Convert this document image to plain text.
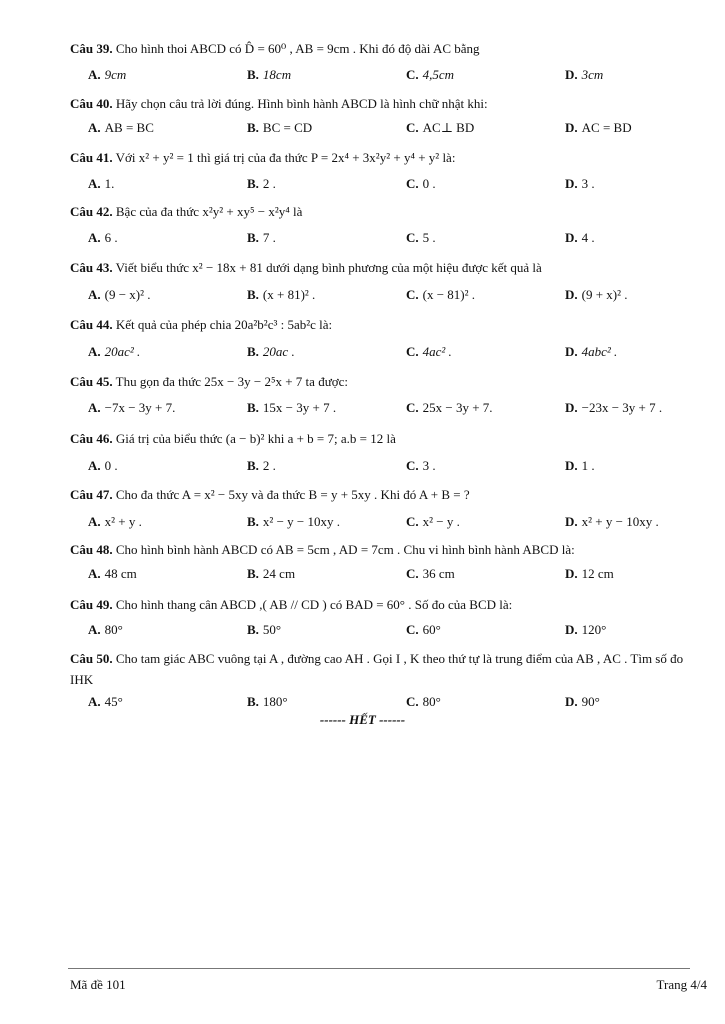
Câu 39. Cho hình thoi ABCD có D̂ = 60⁰ , AB = 9cm . Khi đó độ dài AC bằng
A. 9cm	B. 18cm	C. 4,5cm	D. 3cm
Câu 40. Hãy chọn câu trả lời đúng. Hình bình hành ABCD là hình chữ nhật khi:
A. AB = BC	B. BC = CD	C. AC⊥ BD	D. AC = BD
Câu 41. Với x² + y² = 1 thì giá trị của đa thức P = 2x⁴ + 3x²y² + y⁴ + y² là:
A. 1.	B. 2 .	C. 0 .	D. 3 .
Câu 42. Bậc của đa thức x²y² + xy⁵ − x²y⁴ là
A. 6 .	B. 7 .	C. 5 .	D. 4 .
Câu 43. Viết biểu thức x² − 18x + 81 dưới dạng bình phương của một hiệu được kết quả là
A. (9 − x)² .	B. (x + 81)² .	C. (x − 81)² .	D. (9 + x)² .
Câu 44. Kết quả của phép chia 20a²b²c³ : 5ab²c là:
A. 20ac² .	B. 20ac .	C. 4ac² .	D. 4abc² .
Câu 45. Thu gọn đa thức 25x − 3y − 2⁵x + 7 ta được:
A. −7x − 3y + 7.	B. 15x − 3y + 7 .	C. 25x − 3y + 7.	D. −23x − 3y + 7 .
Câu 46. Giá trị của biểu thức (a − b)² khi a + b = 7; a.b = 12 là
A. 0 .	B. 2 .	C. 3 .	D. 1 .
Câu 47. Cho đa thức A = x² − 5xy và đa thức B = y + 5xy . Khi đó A + B = ?
A. x² + y .	B. x² − y − 10xy .	C. x² − y .	D. x² + y − 10xy .
Câu 48. Cho hình bình hành ABCD có AB = 5cm , AD = 7cm . Chu vi hình bình hành ABCD là:
A. 48 cm	B. 24 cm	C. 36 cm	D. 12 cm
Câu 49. Cho hình thang cân ABCD ,( AB // CD ) có BAD = 60° . Số đo của BCD là:
A. 80°	B. 50°	C. 60°	D. 120°
Câu 50. Cho tam giác ABC vuông tại A , đường cao AH . Gọi I , K theo thứ tự là trung điểm của AB , AC . Tìm số đo IHK
A. 45°	B. 180°	C. 80°	D. 90°
------ HẾT ------
Mã đề 101	Trang 4/4
